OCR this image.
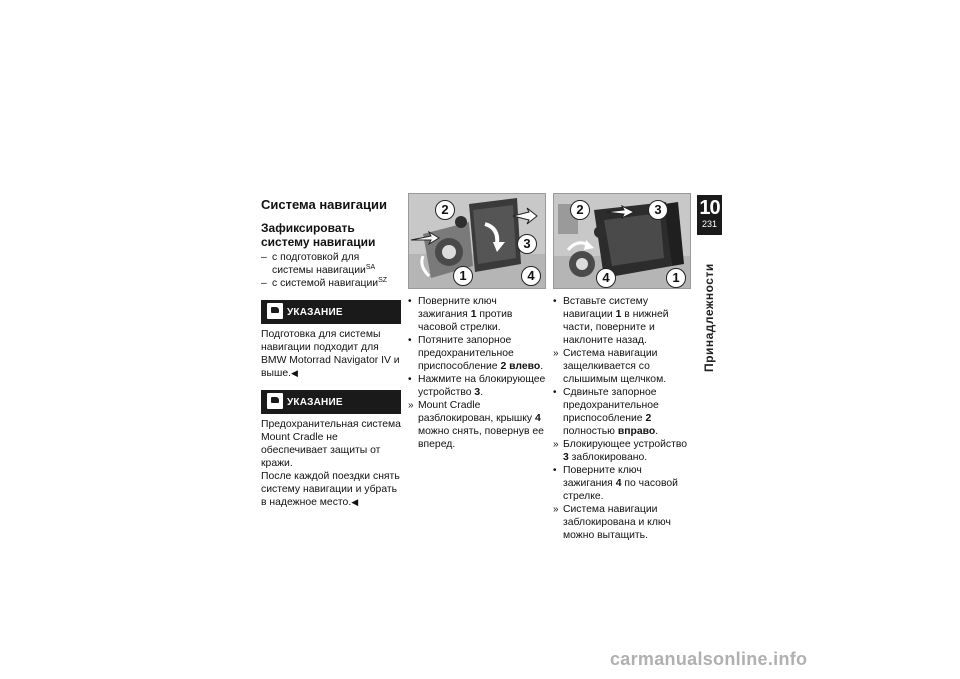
Система навигации
Зафиксировать систему навигации
– с подготовкой для системы навигации$^{SA}$
– с системой навигации$^{SZ}$
УКАЗАНИЕ

Подготовка для системы навигации подходит для BMW Motorrad Navigator IV и выше.◀

УКАЗАНИЕ

Предохранительная система Mount Cradle не обеспечивает защиты от кражи.

После каждой поездки снять систему навигации и убрать в надежное место.◀

2
3
1	4
• Поверните ключ зажигания 1 против часовой стрелки.
• Потяните запорное предохранительное приспособление 2 влево.
• Нажмите на блокирующее устройство 3.
» Mount Cradle разблокирован, крышку 4 можно снять, повернув ее вперед.
2	3
4	1
• Вставьте систему навигации 1 в нижней части, поверните и наклоните назад.
» Система навигации защелкивается со слышимым щелчком.
• Сдвиньте запорное предохранительное приспособление 2 полностью вправо.
» Блокирующее устройство 3 заблокировано.
• Поверните ключ зажигания 4 по часовой стрелке.
» Система навигации заблокирована и ключ можно вытащить.
10
231
Принадлежности
carmanualsonline.info
